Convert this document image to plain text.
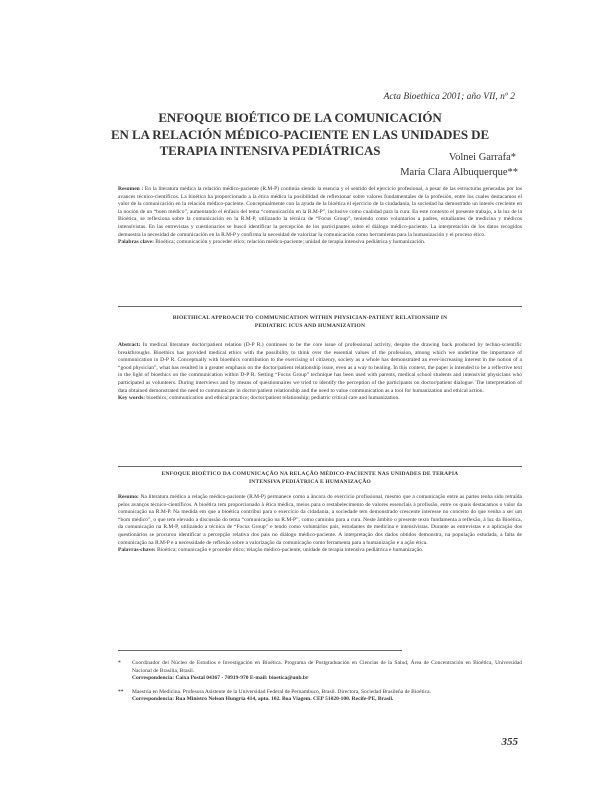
Acta Bioethica 2001; año VII, nº 2
ENFOQUE BIOÉTICO DE LA COMUNICACIÓN
EN LA RELACIÓN MÉDICO-PACIENTE EN LAS UNIDADES DE
TERAPIA INTENSIVA PEDIÁTRICAS	Volnei Garrafa*
María Clara Albuquerque**

Resumen : En la literatura médica la relación médico-paciente (R.M-P) continúa siendo la esencia y el sentido del ejercicio profesional, a pesar de las estructuras generadas por los avances técnico-científicos. La bioética ha proporcionado a la ética médica la posibilidad de reflexionar sobre valores fundamentales de la profesión, entre los cuales destacamos el valor de la comunicación en la relación médico-paciente. Conceptualmente con la ayuda de la bioética el ejercicio de la ciudadanía, la sociedad ha demostrado un interés creciente en la noción de un “buen médico”, aumentando el énfasis del tema “comunicación en la R.M-P”, inclusive como cualidad para la cura. En este contexto el presente trabajo, a la luz de la Bioética, se reflexiona sobre la comunicación en la R.M-P, utilizando la técnica de “Focus Group”, teniendo como voluntarios a padres, estudiantes de medicina y médicos intensivistas. En las entrevistas y cuestionarios se buscó identificar la percepción de los participantes sobre el diálogo médico-paciente. La interpretación de los datos recogidos demuestra la necesidad de comunicación en la R.M-P y confirma la necesidad de valorizar la comunicación como herramienta para la humanización y el proceso ético.

Palabras clave: Bioética; comunicación y proceder ético; relación médico-paciente; unidad de terapia intensiva pediátrica y humanización.

BIOETHICAL APPROACH TO COMMUNICATION WITHIN PHYSICIAN-PATIENT RELATIONSHIP IN
PEDIATRIC ICUS AND HUMANIZATION

Abstract: In medical literature doctor/patient relation (D-P R.) continues to be the core issue of professional activity, despite the drawing back produced by techno-scientific breakthroughs. Bioethics has provided medical ethics with the possibility to think over the essential values of the profession, among which we underline the importance of communication in D-P R. Conceptually with bioethics contribution to the exercising of citizenry, society as a whole has demonstrated an ever-increasing interest in the notion of a “good physician”, what has resulted in a greater emphasis on the doctor/patient relationship issue, even as a way to healing. In this context, the paper is intended to be a reflective text in the light of bioethics on the communication within D-P R. Setting “Focus Group” technique has been used with parents, medical school students and intensivist physicians who participated as volunteers. During interviews and by means of questionnaires we tried to identify the perception of the participants on doctor/patient dialogue. The interpretation of data obtained demonstrated the need to communicate in doctor/patient relationship and the need to value communication as a tool for humanization and ethical action.

Key words: bioethics; communication and ethical practice; doctor/patient relationship; pediatric critical care and humanization.

ENFOQUE BIOÉTICO DA COMUNICAÇÃO NA RELAÇÃO MÉDICO-PACIENTE NAS UNIDADES DE TERAPIA
INTENSIVA PEDIÁTRICA E HUMANIZAÇÃO

Resumo: Na literatura médica a relação médico-paciente (R.M-P) permanece como a âncora do exercício profissional, mesmo que a comunicação entre as partes tenha sido retraída pelos avanços técnico-científicos. A bioética tem proporcionado à ética médica, meios para o restabelecimento de valores essenciais à profissão, entre os quais destacamos o valor da comunicação na R.M-P. Na medida em que a bioética contribui para o exercício da cidadania, a sociedade tem demonstrado crescente interesse no conceito do que venha a ser um “bom médico”, o que tem elevado a discussão do tema “comunicação na R.M-P”, como caminho para a cura. Neste âmbito o presente texto fundamenta a reflexão, à luz da Bioética, da comunicação na R.M-P, utilizando a técnica de “Focus Group” e tendo como voluntários pais, estudantes de medicina e intensivistas. Durante as entrevistas e a aplicação dos questionários se procurou identificar a percepção relativa dos pais no diálogo médico-paciente. A interpretação dos dados obtidos demonstra, na população estudada, a falta de comunicação na R.M-P e a necessidade de reflexão sobre a valorização da comunicação como ferramenta para a humanização e a ação ética.

Palavras-chave: Bioética; comunicação e proceder ético; relação médico-paciente; unidade de terapia intensiva pediátrica e humanização.

* Coordinador del Núcleo de Estudios e Investigación en Bioética. Programa de Postgraduación en Ciencias de la Salud, Área de Concentración en Bioética, Universidad Nacional de Brasilia, Brasil.
Correspondencia: Caixa Postal 04367 - 70919-970 E-mail: bioetica@unb.br
** Maestría en Medicina. Profesora Asistente de la Universidad Federal de Pernambuco, Brasil. Directora, Sociedad Brasileña de Bioética.
Correspondencia: Rua Ministro Nelson Hungria 414, apto. 102. Boa Viagem. CEP 51020-100. Recife-PE, Brasil.
355
